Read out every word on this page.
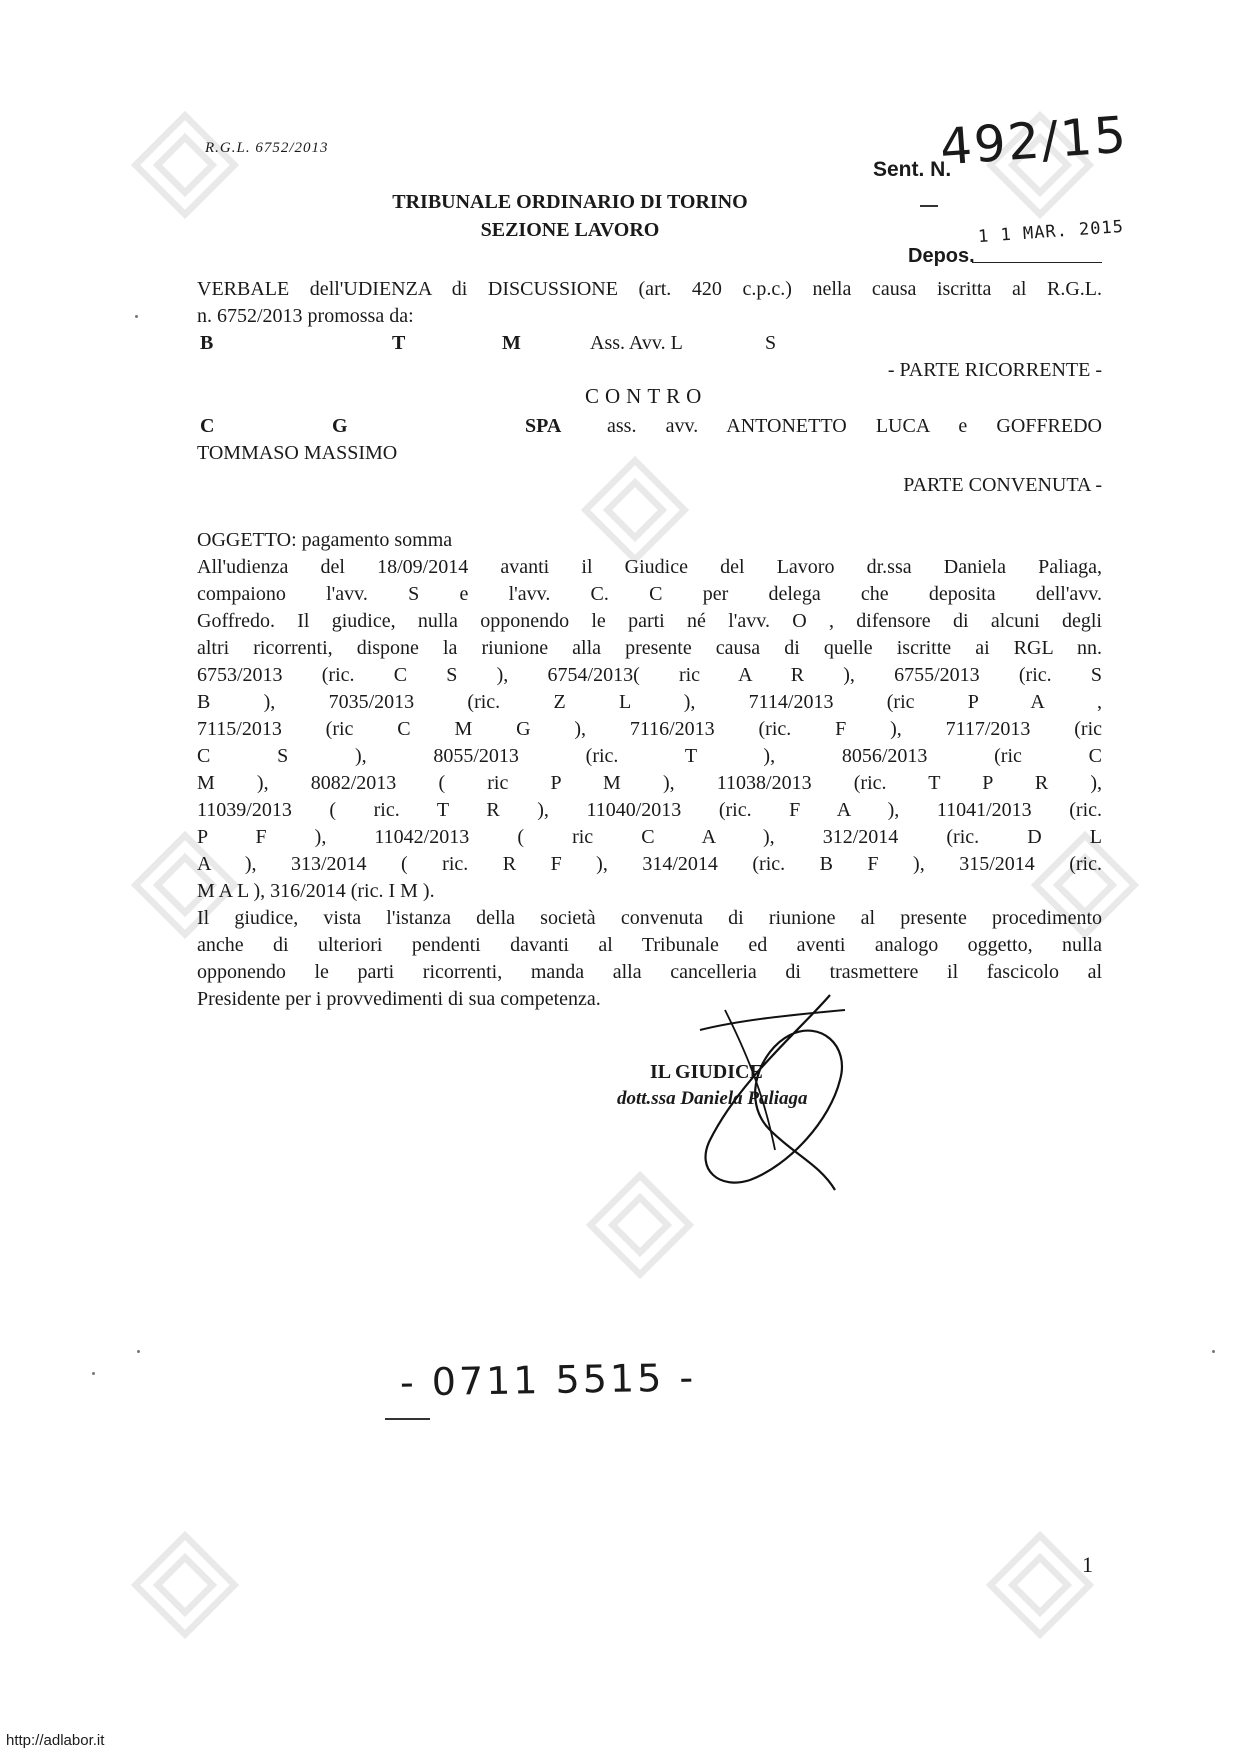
R.G.L. 6752/2013	492/15
Sent. N.
1 1 MAR. 2015
Depos.
TRIBUNALE ORDINARIO DI TORINO
SEZIONE LAVORO
VERBALE dell'UDIENZA di DISCUSSIONE (art. 420 c.p.c.) nella causa iscritta al R.G.L.
n. 6752/2013 promossa da:
B	T	M	Ass. Avv. L	S
- PARTE RICORRENTE -
CONTRO
C	G	SPA ass. avv. ANTONETTO LUCA e GOFFREDO
TOMMASO MASSIMO
PARTE CONVENUTA -
OGGETTO: pagamento somma
All'udienza del 18/09/2014 avanti il Giudice del Lavoro dr.ssa Daniela Paliaga,
compaiono l'avv. S e l'avv. C. C per delega che deposita dell'avv.
Goffredo. Il giudice, nulla opponendo le parti né l'avv. O , difensore di alcuni degli
altri ricorrenti, dispone la riunione alla presente causa di quelle iscritte ai RGL nn.
6753/2013 (ric. C S ), 6754/2013( ric A R ), 6755/2013 (ric. S
B ), 7035/2013 (ric. Z L ), 7114/2013 (ric P A ,
7115/2013 (ric C M G ), 7116/2013 (ric. F ), 7117/2013 (ric
C S ), 8055/2013 (ric. T ), 8056/2013 (ric C
M ), 8082/2013 ( ric P M ), 11038/2013 (ric. T P R ),
11039/2013 ( ric. T R ), 11040/2013 (ric. F A ), 11041/2013 (ric.
P F ), 11042/2013 ( ric C A ), 312/2014 (ric. D L
A ), 313/2014 ( ric. R F ), 314/2014 (ric. B F ), 315/2014 (ric.
M A L ), 316/2014 (ric. I M ).
Il giudice, vista l'istanza della società convenuta di riunione al presente procedimento
anche di ulteriori pendenti davanti al Tribunale ed aventi analogo oggetto, nulla
opponendo le parti ricorrenti, manda alla cancelleria di trasmettere il fascicolo al
Presidente per i provvedimenti di sua competenza.
IL GIUDICE
dott.ssa Daniela Paliaga
- 0711 5515 -
1
http://adlabor.it
